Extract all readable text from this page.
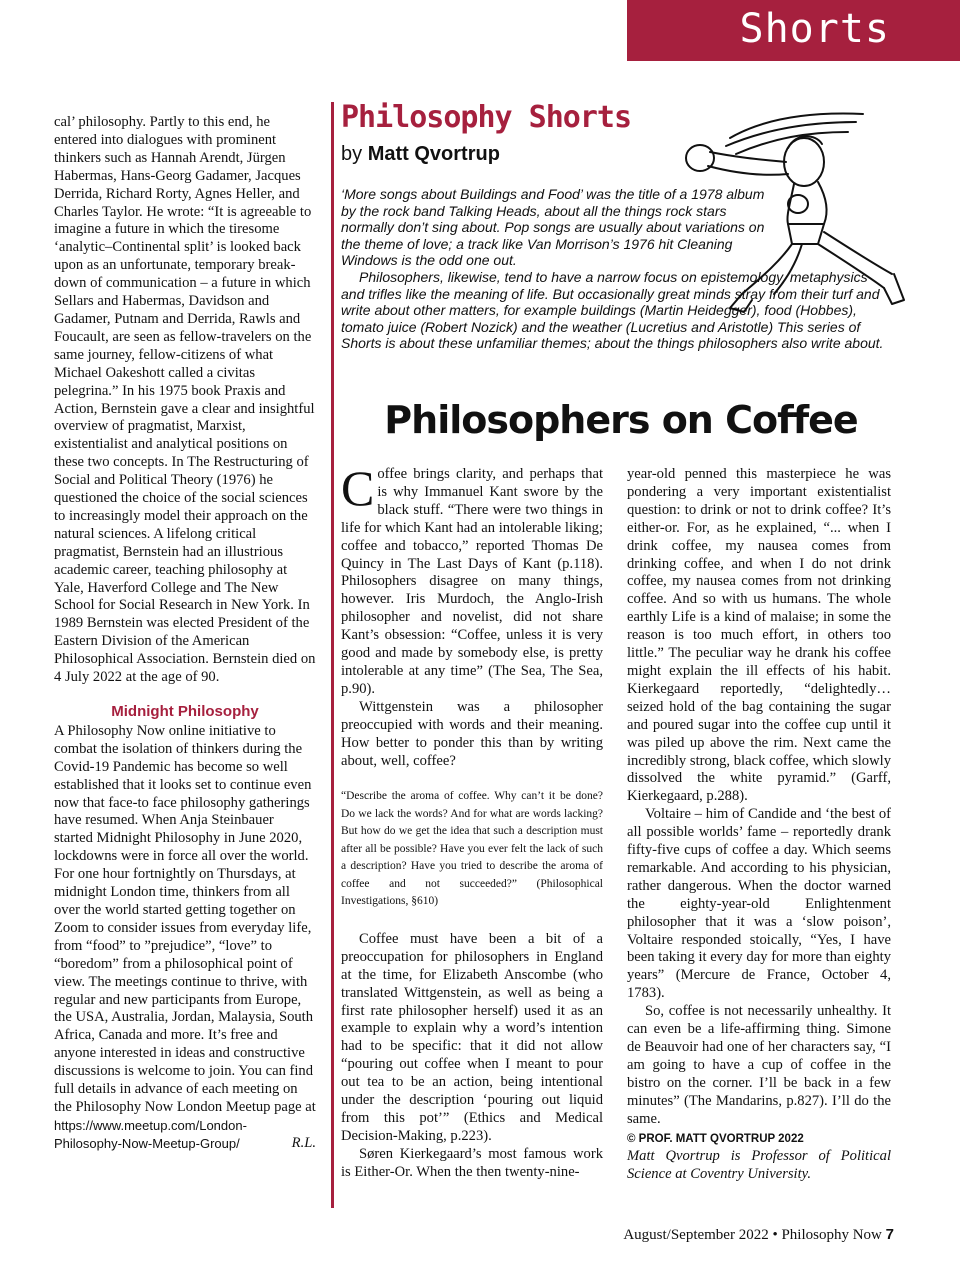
Shorts

cal’ philosophy. Partly to this end, he entered into dialogues with prominent thinkers such as Hannah Arendt, Jürgen Habermas, Hans-Georg Gadamer, Jacques Derrida, Richard Rorty, Agnes Heller, and Charles Taylor. He wrote: “It is agreeable to imagine a future in which the tiresome ‘analytic–Continental split’ is looked back upon as an unfortunate, temporary break-down of communication – a future in which Sellars and Habermas, Davidson and Gadamer, Putnam and Derrida, Rawls and Foucault, are seen as fellow-travelers on the same journey, fellow-citizens of what Michael Oakeshott called a civitas pelegrina.” In his 1975 book Praxis and Action, Bernstein gave a clear and insightful overview of pragmatist, Marxist, existentialist and analytical positions on these two concepts. In The Restructuring of Social and Political Theory (1976) he questioned the choice of the social sciences to increasingly model their approach on the natural sciences. A lifelong critical pragmatist, Bernstein had an illustrious academic career, teaching philosophy at Yale, Haverford College and The New School for Social Research in New York. In 1989 Bernstein was elected President of the Eastern Division of the American Philosophical Association. Bernstein died on 4 July 2022 at the age of 90.

Midnight Philosophy

A Philosophy Now online initiative to combat the isolation of thinkers during the Covid-19 Pandemic has become so well established that it looks set to continue even now that face-to face philosophy gatherings have resumed. When Anja Steinbauer started Midnight Philosophy in June 2020, lockdowns were in force all over the world. For one hour fortnightly on Thursdays, at midnight London time, thinkers from all over the world started getting together on Zoom to consider issues from everyday life, from “food” to ”prejudice”, “love” to “boredom” from a philosophical point of view. The meetings continue to thrive, with regular and new participants from Europe, the USA, Australia, Jordan, Malaysia, South Africa, Canada and more. It’s free and anyone interested in ideas and constructive discussions is welcome to join. You can find full details in advance of each meeting on the Philosophy Now London Meetup page at

https://www.meetup.com/London-Philosophy-Now-Meetup-Group/	R.L.

Philosophy Shorts
by Matt Qvortrup

‘More songs about Buildings and Food’ was the title of a 1978 album by the rock band Talking Heads, about all the things rock stars normally don’t sing about. Pop songs are usually about variations on the theme of love; a track like Van Morrison’s 1976 hit Cleaning Windows is the odd one out.

Philosophers, likewise, tend to have a narrow focus on epistemology, metaphysics and trifles like the meaning of life. But occasionally great minds stray from their turf and write about other matters, for example buildings (Martin Heidegger), food (Hobbes), tomato juice (Robert Nozick) and the weather (Lucretius and Aristotle) This series of Shorts is about these unfamiliar themes; about the things philosophers also write about.

Philosophers on Coffee

Coffee brings clarity, and perhaps that is why Immanuel Kant swore by the black stuff. “There were two things in life for which Kant had an intolerable liking; coffee and tobacco,” reported Thomas De Quincy in The Last Days of Kant (p.118). Philosophers disagree on many things, however. Iris Murdoch, the Anglo-Irish philosopher and novelist, did not share Kant’s obsession: “Coffee, unless it is very good and made by somebody else, is pretty intolerable at any time” (The Sea, The Sea, p.90).

Wittgenstein was a philosopher preoccupied with words and their meaning. How better to ponder this than by writing about, well, coffee?

“Describe the aroma of coffee. Why can’t it be done? Do we lack the words? And for what are words lacking? But how do we get the idea that such a description must after all be possible? Have you ever felt the lack of such a description? Have you tried to describe the aroma of coffee and not succeeded?” (Philosophical Investigations, §610)

Coffee must have been a bit of a preoccupation for philosophers in England at the time, for Elizabeth Anscombe (who translated Wittgenstein, as well as being a first rate philosopher herself) used it as an example to explain why a word’s intention had to be specific: that it did not allow “pouring out coffee when I meant to pour out tea to be an action, being intentional under the description ‘pouring out liquid from this pot’” (Ethics and Medical Decision-Making, p.223).

Søren Kierkegaard’s most famous work is Either-Or. When the then twenty-nine-

year-old penned this masterpiece he was pondering a very important existentialist question: to drink or not to drink coffee? It’s either-or. For, as he explained, “... when I drink coffee, my nausea comes from drinking coffee, and when I do not drink coffee, my nausea comes from not drinking coffee. And so with us humans. The whole earthly Life is a kind of malaise; in some the reason is too much effort, in others too little.” The peculiar way he drank his coffee might explain the ill effects of his habit. Kierkegaard reportedly, “delightedly… seized hold of the bag containing the sugar and poured sugar into the coffee cup until it was piled up above the rim. Next came the incredibly strong, black coffee, which slowly dissolved the white pyramid.” (Garff, Kierkegaard, p.288).

Voltaire – him of Candide and ‘the best of all possible worlds’ fame – reportedly drank fifty-five cups of coffee a day. Which seems remarkable. And according to his physician, rather dangerous. When the doctor warned the eighty-year-old Enlightenment philosopher that it was a ‘slow poison’, Voltaire responded stoically, “Yes, I have been taking it every day for more than eighty years” (Mercure de France, October 4, 1783).

So, coffee is not necessarily unhealthy. It can even be a life-affirming thing. Simone de Beauvoir had one of her characters say, “I am going to have a cup of coffee in the bistro on the corner. I’ll be back in a few minutes” (The Mandarins, p.827). I’ll do the same.

© PROF. MATT QVORTRUP 2022

Matt Qvortrup is Professor of Political Science at Coventry University.

August/September 2022 • Philosophy Now 7
